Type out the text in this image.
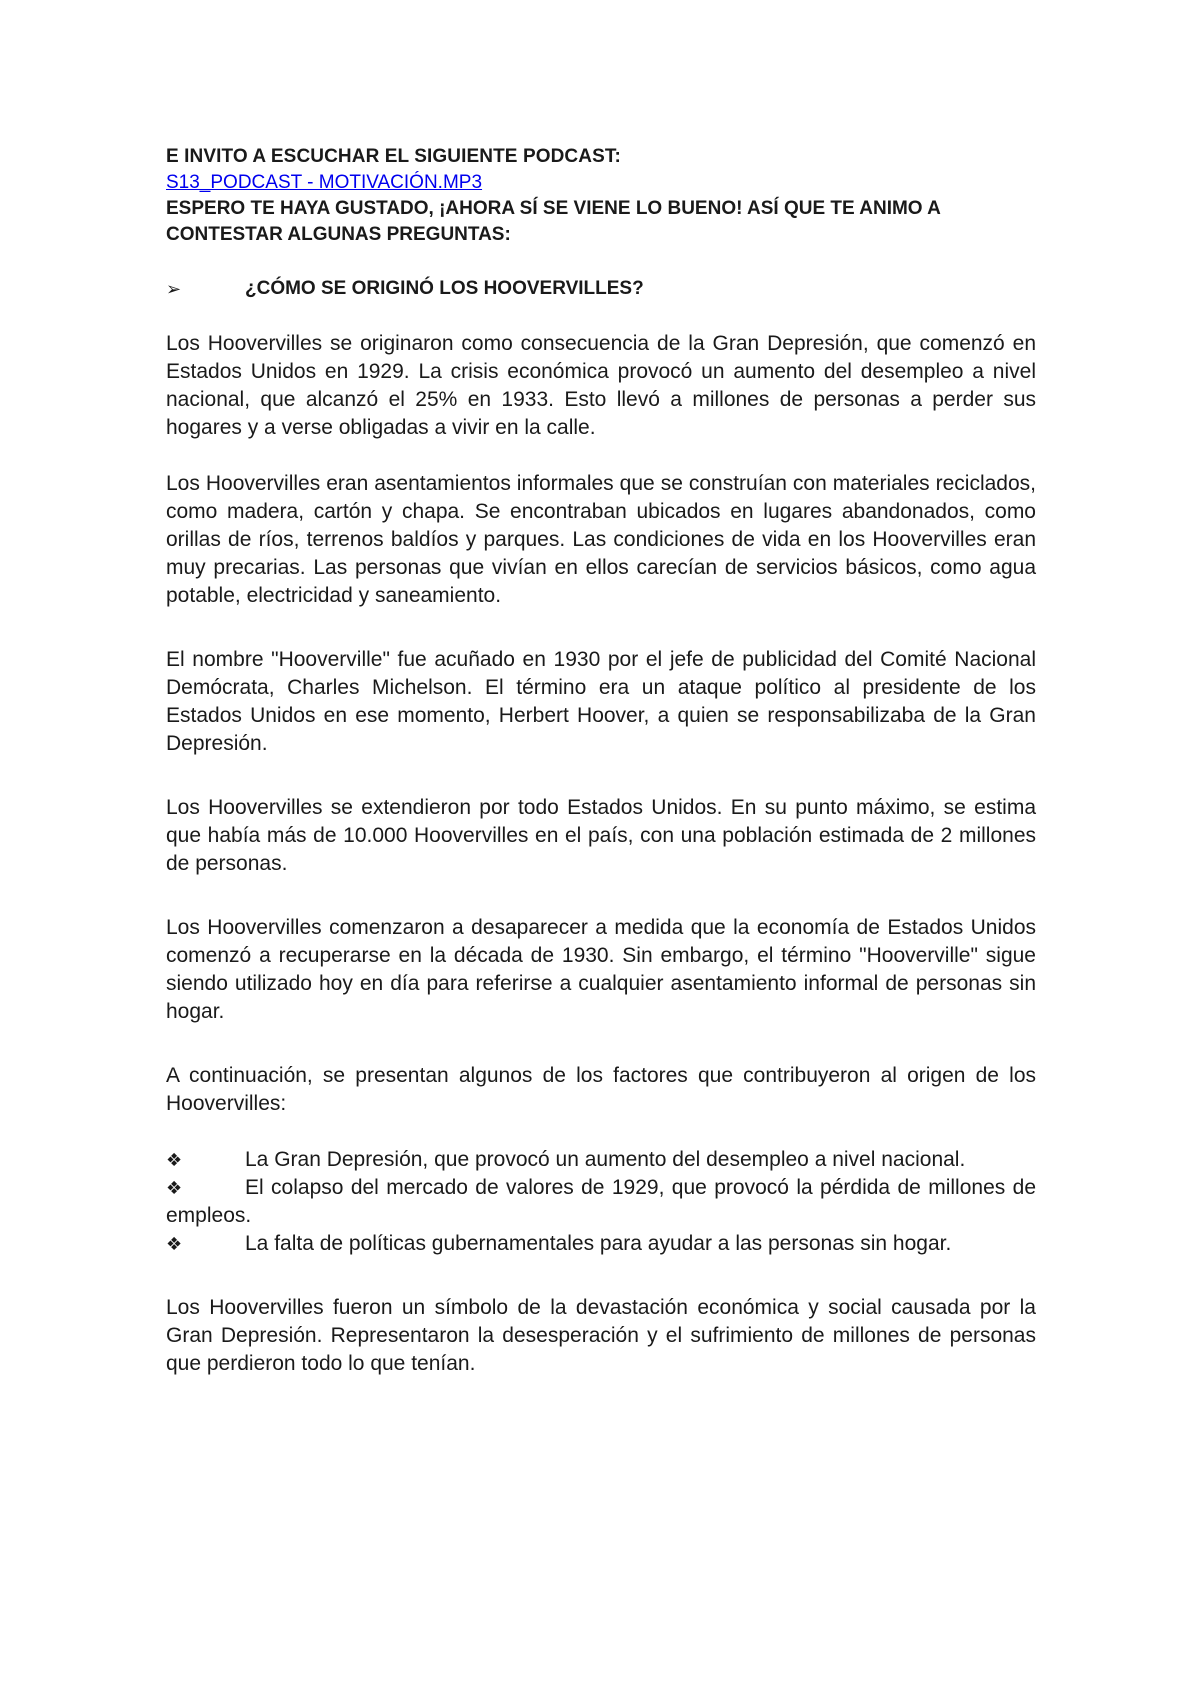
E INVITO A ESCUCHAR EL SIGUIENTE PODCAST:

S13_PODCAST - MOTIVACIÓN.MP3

ESPERO TE HAYA GUSTADO, ¡AHORA SÍ SE VIENE LO BUENO! ASÍ QUE TE ANIMO A CONTESTAR ALGUNAS PREGUNTAS:

➢	¿CÓMO SE ORIGINÓ LOS HOOVERVILLES?

Los Hoovervilles se originaron como consecuencia de la Gran Depresión, que comenzó en Estados Unidos en 1929. La crisis económica provocó un aumento del desempleo a nivel nacional, que alcanzó el 25% en 1933. Esto llevó a millones de personas a perder sus hogares y a verse obligadas a vivir en la calle.

Los Hoovervilles eran asentamientos informales que se construían con materiales reciclados, como madera, cartón y chapa. Se encontraban ubicados en lugares abandonados, como orillas de ríos, terrenos baldíos y parques. Las condiciones de vida en los Hoovervilles eran muy precarias. Las personas que vivían en ellos carecían de servicios básicos, como agua potable, electricidad y saneamiento.

El nombre "Hooverville" fue acuñado en 1930 por el jefe de publicidad del Comité Nacional Demócrata, Charles Michelson. El término era un ataque político al presidente de los Estados Unidos en ese momento, Herbert Hoover, a quien se responsabilizaba de la Gran Depresión.

Los Hoovervilles se extendieron por todo Estados Unidos. En su punto máximo, se estima que había más de 10.000 Hoovervilles en el país, con una población estimada de 2 millones de personas.

Los Hoovervilles comenzaron a desaparecer a medida que la economía de Estados Unidos comenzó a recuperarse en la década de 1930. Sin embargo, el término "Hooverville" sigue siendo utilizado hoy en día para referirse a cualquier asentamiento informal de personas sin hogar.

A continuación, se presentan algunos de los factores que contribuyeron al origen de los Hoovervilles:

❖	La Gran Depresión, que provocó un aumento del desempleo a nivel nacional.

❖	El colapso del mercado de valores de 1929, que provocó la pérdida de millones de empleos.

❖	La falta de políticas gubernamentales para ayudar a las personas sin hogar.

Los Hoovervilles fueron un símbolo de la devastación económica y social causada por la Gran Depresión. Representaron la desesperación y el sufrimiento de millones de personas que perdieron todo lo que tenían.
